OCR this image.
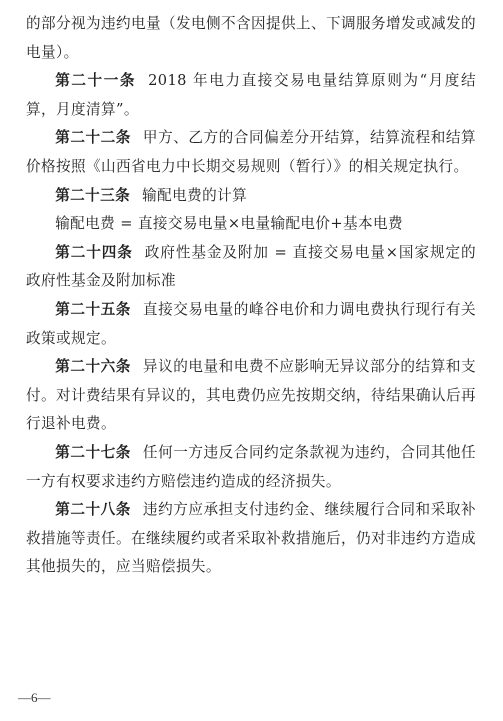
的部分视为违约电量（发电侧不含因提供上、下调服务增发或减发的电量）。

第二十一条 2018 年电力直接交易电量结算原则为“月度结算，月度清算”。

第二十二条 甲方、乙方的合同偏差分开结算，结算流程和结算价格按照《山西省电力中长期交易规则（暂行）》的相关规定执行。

第二十三条 输配电费的计算

输配电费 = 直接交易电量×电量输配电价+基本电费

第二十四条 政府性基金及附加 = 直接交易电量×国家规定的政府性基金及附加标准

第二十五条 直接交易电量的峰谷电价和力调电费执行现行有关政策或规定。

第二十六条 异议的电量和电费不应影响无异议部分的结算和支付。对计费结果有异议的，其电费仍应先按期交纳，待结果确认后再行退补电费。

第二十七条 任何一方违反合同约定条款视为违约，合同其他任一方有权要求违约方赔偿违约造成的经济损失。

第二十八条 违约方应承担支付违约金、继续履行合同和采取补救措施等责任。在继续履约或者采取补救措施后，仍对非违约方造成其他损失的，应当赔偿损失。

—6—
